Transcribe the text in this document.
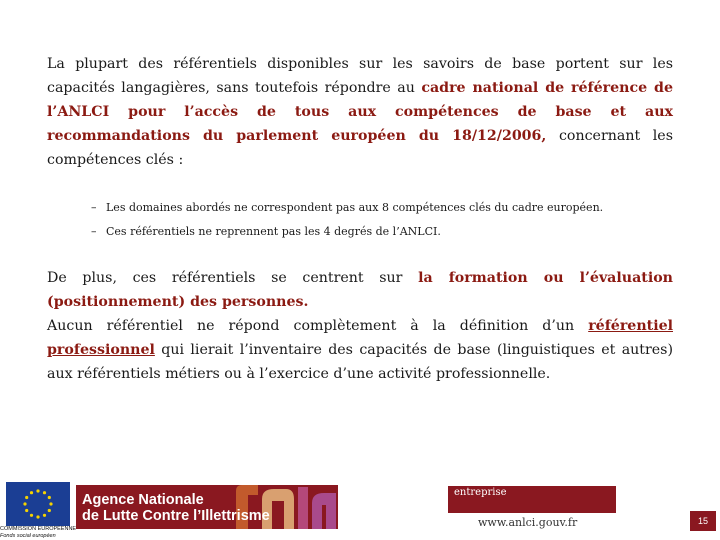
La plupart des référentiels disponibles sur les savoirs de base portent sur les capacités langagières, sans toutefois répondre au cadre national de référence de l’ANLCI pour l’accès de tous aux compétences de base et aux recommandations du parlement européen du 18/12/2006, concernant les compétences clés :

– Les domaines abordés ne correspondent pas aux 8 compétences clés du cadre européen.
– Ces référentiels ne reprennent pas les 4 degrés de l’ANLCI.

De plus, ces référentiels se centrent sur la formation ou l’évaluation (positionnement) des personnes.

Aucun référentiel ne répond complètement à la définition d’un référentiel professionnel qui lierait l’inventaire des capacités de base (linguistiques et autres) aux référentiels métiers ou à l’exercice d’une activité professionnelle.

COMMISSION EUROPÉENNE
Fonds social européen
Agence Nationale
de Lutte Contre l’Illettrisme
entreprise
www.anlci.gouv.fr	15
